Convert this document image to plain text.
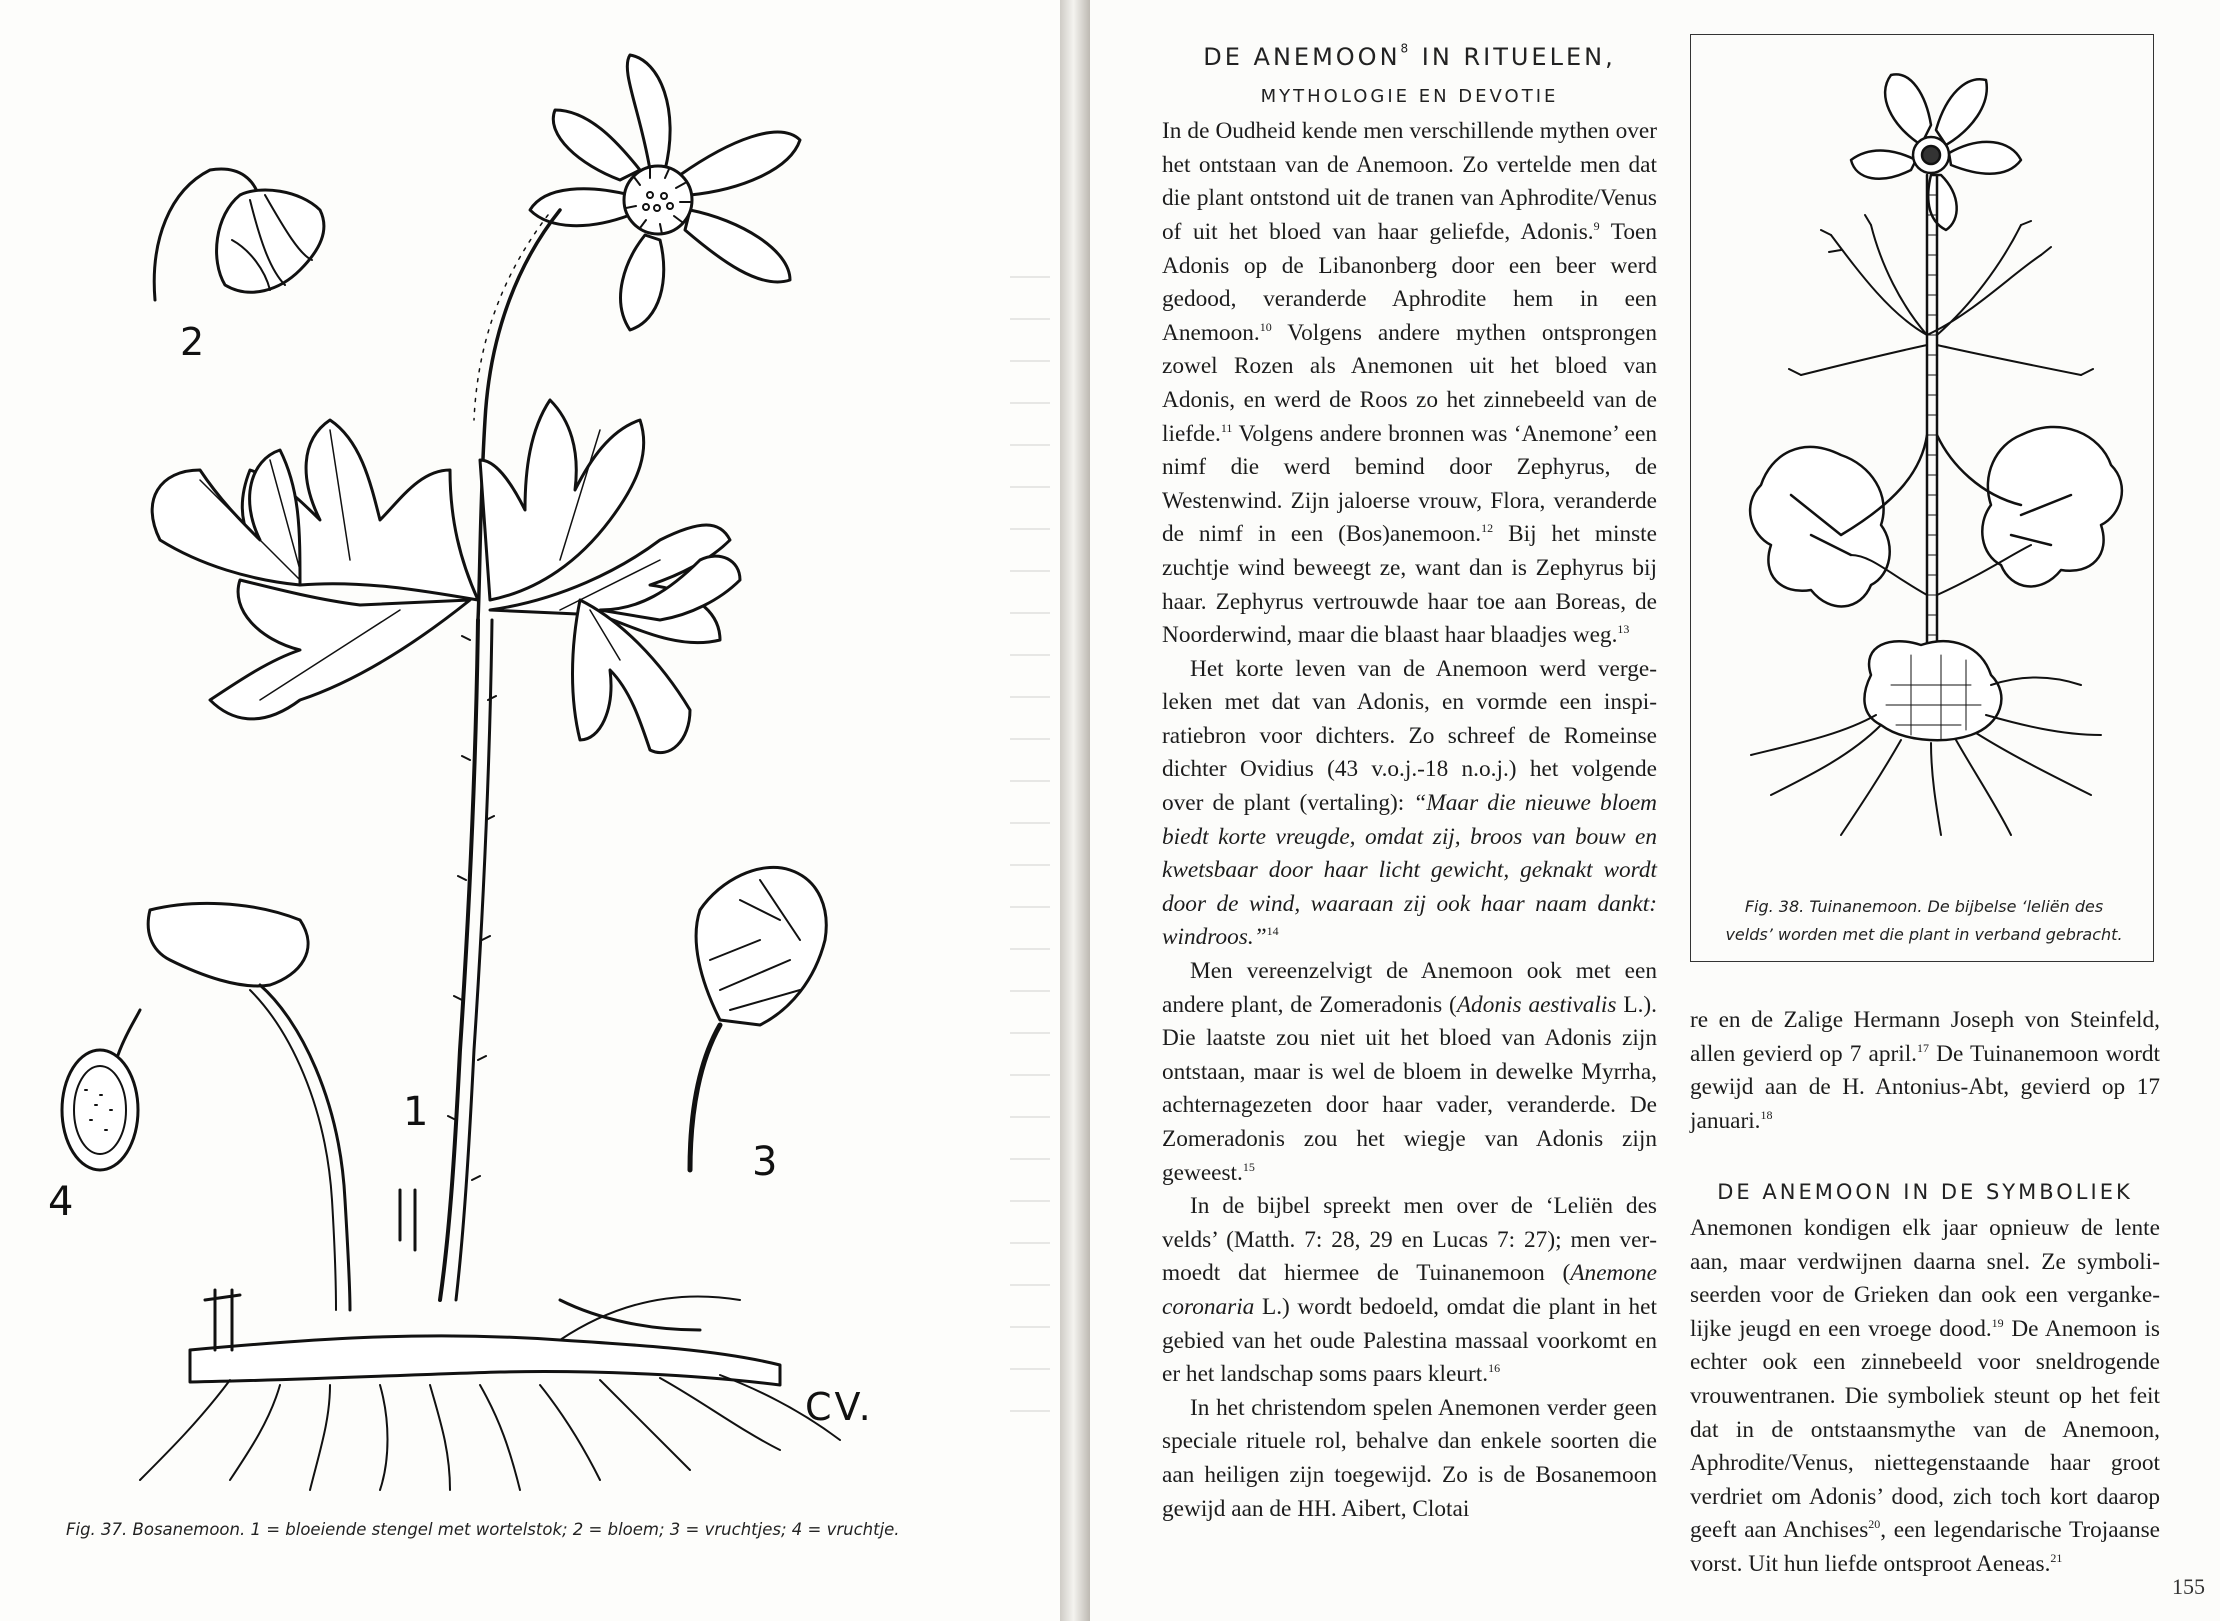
2
1
3
4
CV.
Fig. 37. Bosanemoon. 1 = bloeiende stengel met wortelstok; 2 = bloem; 3 = vruchtjes; 4 = vruchtje.
DE ANEMOON$^8$ IN RITUELEN,
MYTHOLOGIE EN DEVOTIE

In de Oudheid kende men verschillende mythen over het ontstaan van de Anemoon. Zo vertelde men dat die plant ontstond uit de tranen van Aphrodite/Venus of uit het bloed van haar geliefde, Adonis.$^9$ Toen Adonis op de Libanonberg door een beer werd gedood, veranderde Aphrodite hem in een Anemoon.$^{10}$ Volgens andere mythen ontsprongen zowel Rozen als Anemonen uit het bloed van Adonis, en werd de Roos zo het zinnebeeld van de liefde.$^{11}$ Volgens andere bronnen was ‘Anemone’ een nimf die werd bemind door Zephyrus, de Westenwind. Zijn jaloerse vrouw, Flora, veranderde de nimf in een (Bos)anemoon.$^{12}$ Bij het minste zuchtje wind beweegt ze, want dan is Zephyrus bij haar. Zephyrus vertrouwde haar toe aan Boreas, de Noorderwind, maar die blaast haar blaadjes weg.$^{13}$

Het korte leven van de Anemoon werd vergeleken met dat van Adonis, en vormde een inspiratiebron voor dichters. Zo schreef de Romeinse dichter Ovidius (43 v.o.j.-18 n.o.j.) het volgende over de plant (vertaling): “Maar die nieuwe bloem biedt korte vreugde, omdat zij, broos van bouw en kwetsbaar door haar licht gewicht, geknakt wordt door de wind, waaraan zij ook haar naam dankt: windroos.”$^{14}$

Men vereenzelvigt de Anemoon ook met een andere plant, de Zomeradonis (Adonis aestivalis L.). Die laatste zou niet uit het bloed van Adonis zijn ontstaan, maar is wel de bloem in dewelke Myrrha, achternagezeten door haar vader, veranderde. De Zomeradonis zou het wiegje van Adonis zijn geweest.$^{15}$

In de bijbel spreekt men over de ‘Leliën des velds’ (Matth. 7: 28, 29 en Lucas 7: 27); men vermoedt dat hiermee de Tuinanemoon (Anemone coronaria L.) wordt bedoeld, omdat die plant in het gebied van het oude Palestina massaal voorkomt en er het landschap soms paars kleurt.$^{16}$

In het christendom spelen Anemonen verder geen speciale rituele rol, behalve dan enkele soorten die aan heiligen zijn toegewijd. Zo is de Bosanemoon gewijd aan de HH. Aibert, Clotai

Fig. 38. Tuinanemoon. De bijbelse ‘leliën des velds’ worden met die plant in verband gebracht.

re en de Zalige Hermann Joseph von Steinfeld, allen gevierd op 7 april.$^{17}$ De Tuinanemoon wordt gewijd aan de H. Antonius-Abt, gevierd op 17 januari.$^{18}$

DE ANEMOON IN DE SYMBOLIEK

Anemonen kondigen elk jaar opnieuw de lente aan, maar verdwijnen daarna snel. Ze symboliseerden voor de Grieken dan ook een vergankеlijke jeugd en een vroege dood.$^{19}$ De Anemoon is echter ook een zinnebeeld voor sneldrogende vrouwentranen. Die symboliek steunt op het feit dat in de ontstaansmythe van de Anemoon, Aphrodite/Venus, niettegenstaande haar groot verdriet om Adonis’ dood, zich toch kort daarop geeft aan Anchises$^{20}$, een legendarische Trojaanse vorst. Uit hun liefde ontsproot Aeneas.$^{21}$

155
